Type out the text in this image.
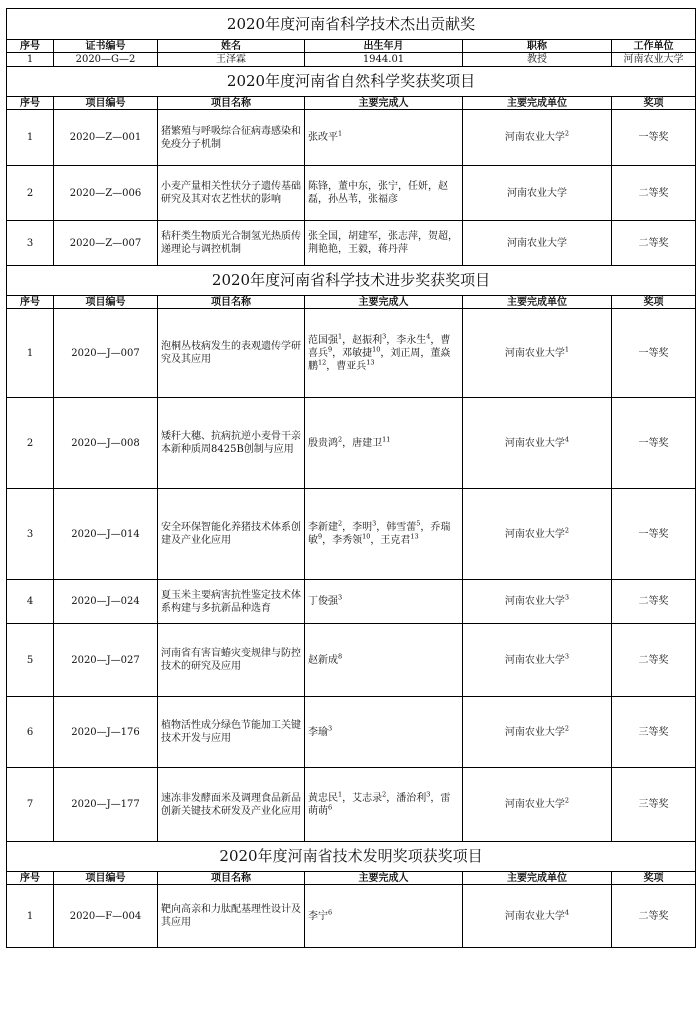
2020年度河南省科学技术杰出贡献奖					
序号	证书编号	姓名	出生年月	职称	工作单位
1	2020—G—2	王泽霖	1944.01	教授	河南农业大学
2020年度河南省自然科学奖获奖项目					
序号	项目编号	项目名称	主要完成人	主要完成单位	奖项
1	2020—Z—001	猪繁殖与呼吸综合征病毒感染和免疫分子机制	张改平$^1$	河南农业大学$^2$	一等奖
2	2020—Z—006	小麦产量相关性状分子遗传基础研究及其对农艺性状的影响	陈锋，董中东，张宁，任妍，赵磊，孙丛苇，张福彦	河南农业大学	二等奖
3	2020—Z—007	秸秆类生物质光合制氢光热质传递理论与调控机制	张全国，胡建军，张志萍，贺超，荆艳艳，王毅，蒋丹萍	河南农业大学	二等奖
2020年度河南省科学技术进步奖获奖项目					
序号	项目编号	项目名称	主要完成人	主要完成单位	奖项
1	2020—J—007	泡桐丛枝病发生的表观遗传学研究及其应用	范国强$^1$，赵振利$^3$，李永生$^4$，曹喜兵$^9$，邓敏捷$^{10}$，刘正周，董焱鹏$^{12}$，曹亚兵$^{13}$	河南农业大学$^1$	一等奖
2	2020—J—008	矮秆大穗、抗病抗逆小麦骨干亲本新种质周8425B创制与应用	殷贵鸿$^2$，唐建卫$^{11}$	河南农业大学$^4$	一等奖
3	2020—J—014	安全环保智能化养猪技术体系创建及产业化应用	李新建$^2$，李明$^3$，韩雪蕾$^5$，乔瑞敏$^9$，李秀领$^{10}$，王克君$^{13}$	河南农业大学$^2$	一等奖
4	2020—J—024	夏玉米主要病害抗性鉴定技术体系构建与多抗新品种选育	丁俊强$^3$	河南农业大学$^3$	二等奖
5	2020—J—027	河南省有害盲蝽灾变规律与防控技术的研究及应用	赵新成$^8$	河南农业大学$^3$	二等奖
6	2020—J—176	植物活性成分绿色节能加工关键 技术开发与应用	李瑜$^3$	河南农业大学$^2$	三等奖
7	2020—J—177	速冻非发酵面米及调理食品新品创新关键技术研发及产业化应用	黄忠民$^1$，艾志录$^2$，潘治利$^3$，雷萌萌$^6$	河南农业大学$^2$	三等奖
2020年度河南省技术发明奖项获奖项目					
序号	项目编号	项目名称	主要完成人	主要完成单位	奖项
1	2020—F—004	靶向高亲和力肽配基理性设计及其应用	李宁$^6$	河南农业大学$^4$	二等奖
